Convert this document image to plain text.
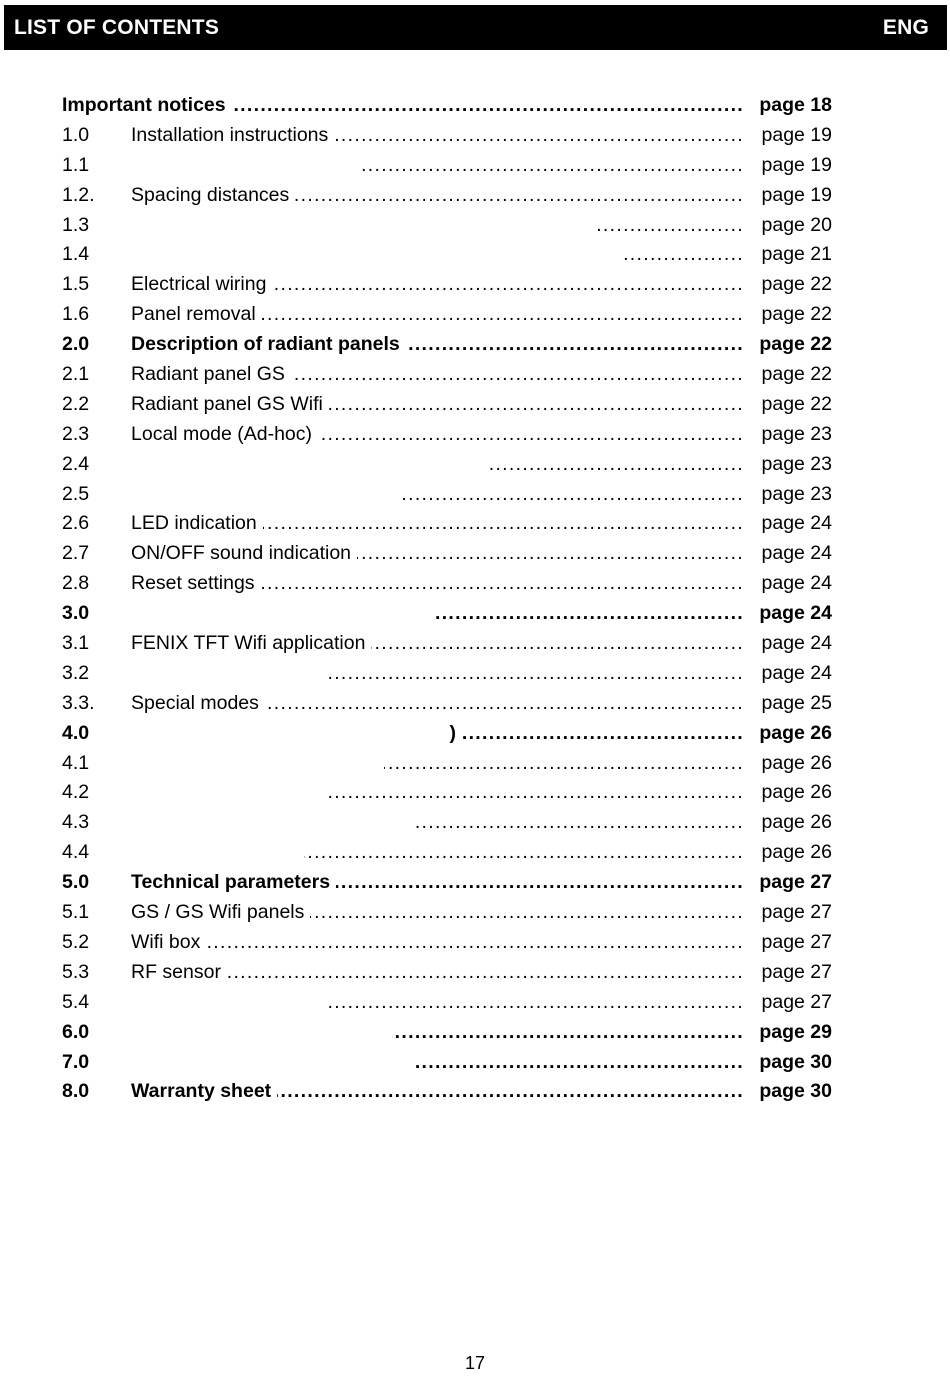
LIST OF CONTENTS	ENG
Important notices .....	page 18
1.0	Installation instructions .....	page 19
1.1 .....	page 19
1.2.	Spacing distances .....	page 19
1.3 .....	page 20
1.4 .....	page 21
1.5	Electrical wiring .....	page 22
1.6	Panel removal .....	page 22
2.0	Description of radiant panels .....	page 22
2.1	Radiant panel GS .....	page 22
2.2	Radiant panel GS Wifi .....	page 22
2.3	Local mode (Ad-hoc) .....	page 23
2.4 .....	page 23
2.5 .....	page 23
2.6	LED indication .....	page 24
2.7	ON/OFF sound indication .....	page 24
2.8	Reset settings .....	page 24
3.0 .....	page 24
3.1	FENIX TFT Wifi application .....	page 24
3.2 .....	page 24
3.3.	Special modes .....	page 25
4.0	) .....	page 26
4.1 .....	page 26
4.2 .....	page 26
4.3 .....	page 26
4.4 .....	page 26
5.0	Technical parameters .....	page 27
5.1	GS / GS Wifi panels .....	page 27
5.2	Wifi box .....	page 27
5.3	RF sensor .....	page 27
5.4 .....	page 27
6.0 .....	page 29
7.0 .....	page 30
8.0	Warranty sheet .....	page 30
17
